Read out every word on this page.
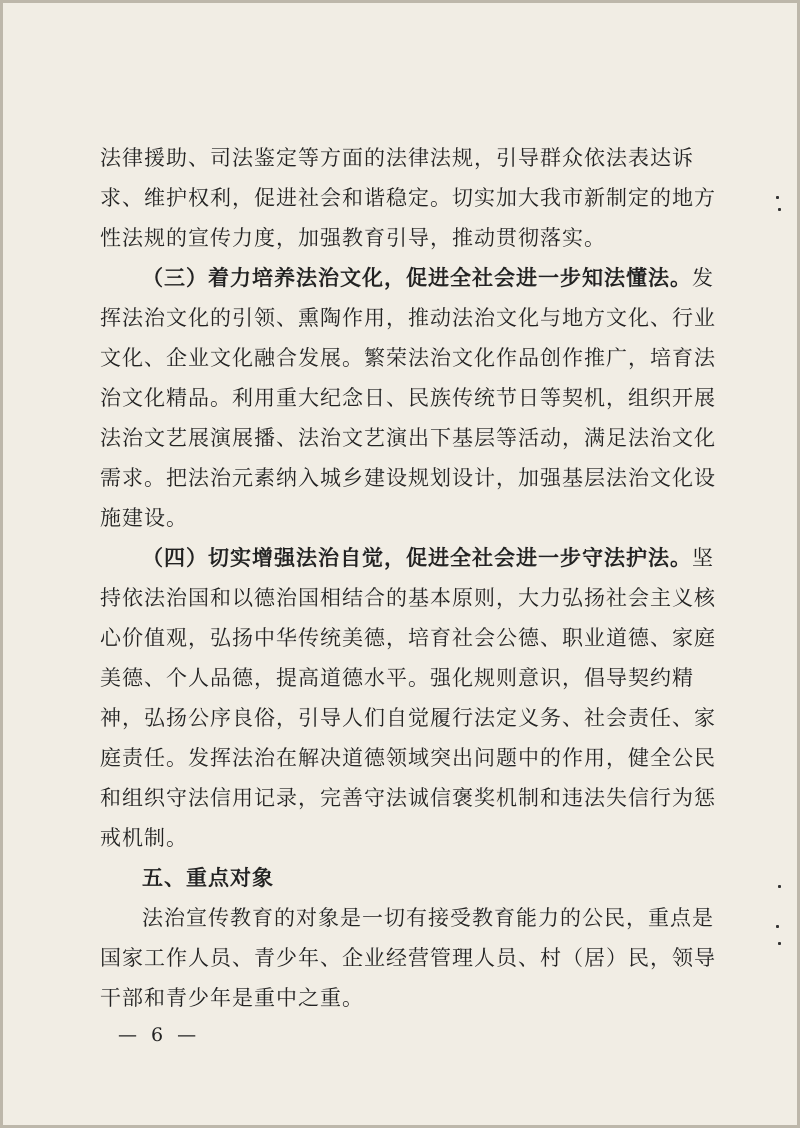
法律援助、司法鉴定等方面的法律法规，引导群众依法表达诉
求、维护权利，促进社会和谐稳定。切实加大我市新制定的地方
性法规的宣传力度，加强教育引导，推动贯彻落实。
（三）着力培养法治文化，促进全社会进一步知法懂法。发
挥法治文化的引领、熏陶作用，推动法治文化与地方文化、行业
文化、企业文化融合发展。繁荣法治文化作品创作推广，培育法
治文化精品。利用重大纪念日、民族传统节日等契机，组织开展
法治文艺展演展播、法治文艺演出下基层等活动，满足法治文化
需求。把法治元素纳入城乡建设规划设计，加强基层法治文化设
施建设。
（四）切实增强法治自觉，促进全社会进一步守法护法。坚
持依法治国和以德治国相结合的基本原则，大力弘扬社会主义核
心价值观，弘扬中华传统美德，培育社会公德、职业道德、家庭
美德、个人品德，提高道德水平。强化规则意识，倡导契约精
神，弘扬公序良俗，引导人们自觉履行法定义务、社会责任、家
庭责任。发挥法治在解决道德领域突出问题中的作用，健全公民
和组织守法信用记录，完善守法诚信褒奖机制和违法失信行为惩
戒机制。
五、重点对象
法治宣传教育的对象是一切有接受教育能力的公民，重点是
国家工作人员、青少年、企业经营管理人员、村（居）民，领导
干部和青少年是重中之重。
— 6 —
